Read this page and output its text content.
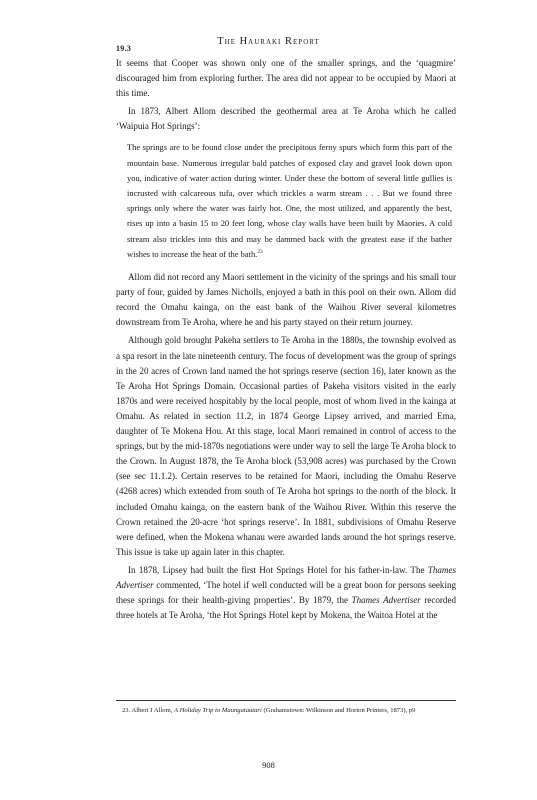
19.3
The Hauraki Report

It seems that Cooper was shown only one of the smaller springs, and the ‘quagmire’ discouraged him from exploring further. The area did not appear to be occupied by Maori at this time.

In 1873, Albert Allom described the geothermal area at Te Aroha which he called ‘Waipuia Hot Springs’:

The springs are to be found close under the precipitous ferny spurs which form this part of the mountain base. Numerous irregular bald patches of exposed clay and gravel look down upon you, indicative of water action during winter. Under these the bottom of several little gullies is incrusted with calcareous tufa, over which trickles a warm stream . . . But we found three springs only where the water was fairly hot. One, the most utilized, and apparently the best, rises up into a basin 15 to 20 feet long, whose clay walls have been built by Maories. A cold stream also trickles into this and may be dammed back with the greatest ease if the bather wishes to increase the heat of the bath.$^{23}$

Allom did not record any Maori settlement in the vicinity of the springs and his small tour party of four, guided by James Nicholls, enjoyed a bath in this pool on their own. Allom did record the Omahu kainga, on the east bank of the Waihou River several kilometres downstream from Te Aroha, where he and his party stayed on their return journey.

Although gold brought Pakeha settlers to Te Aroha in the 1880s, the township evolved as a spa resort in the late nineteenth century. The focus of development was the group of springs in the 20 acres of Crown land named the hot springs reserve (section 16), later known as the Te Aroha Hot Springs Domain. Occasional parties of Pakeha visitors visited in the early 1870s and were received hospitably by the local people, most of whom lived in the kainga at Omahu. As related in section 11.2, in 1874 George Lipsey arrived, and married Ema, daughter of Te Mokena Hou. At this stage, local Maori remained in control of access to the springs, but by the mid-1870s negotiations were under way to sell the large Te Aroha block to the Crown. In August 1878, the Te Aroha block (53,908 acres) was purchased by the Crown (see sec 11.1.2). Certain reserves to be retained for Maori, including the Omahu Reserve (4268 acres) which extended from south of Te Aroha hot springs to the north of the block. It included Omahu kainga, on the eastern bank of the Waihou River. Within this reserve the Crown retained the 20-acre ‘hot springs reserve’. In 1881, subdivisions of Omahu Reserve were defined, when the Mokena whanau were awarded lands around the hot springs reserve. This issue is take up again later in this chapter.

In 1878, Lipsey had built the first Hot Springs Hotel for his father-in-law. The Thames Advertiser commented, ‘The hotel if well conducted will be a great boon for persons seeking these springs for their health-giving properties’. By 1879, the Thames Advertiser recorded three hotels at Te Aroha, ‘the Hot Springs Hotel kept by Mokena, the Waitoa Hotel at the

23. Albert J Allom, A Holiday Trip to Maungatautari (Grahamstown: Wilkinson and Horton Printers, 1873), p9
908
